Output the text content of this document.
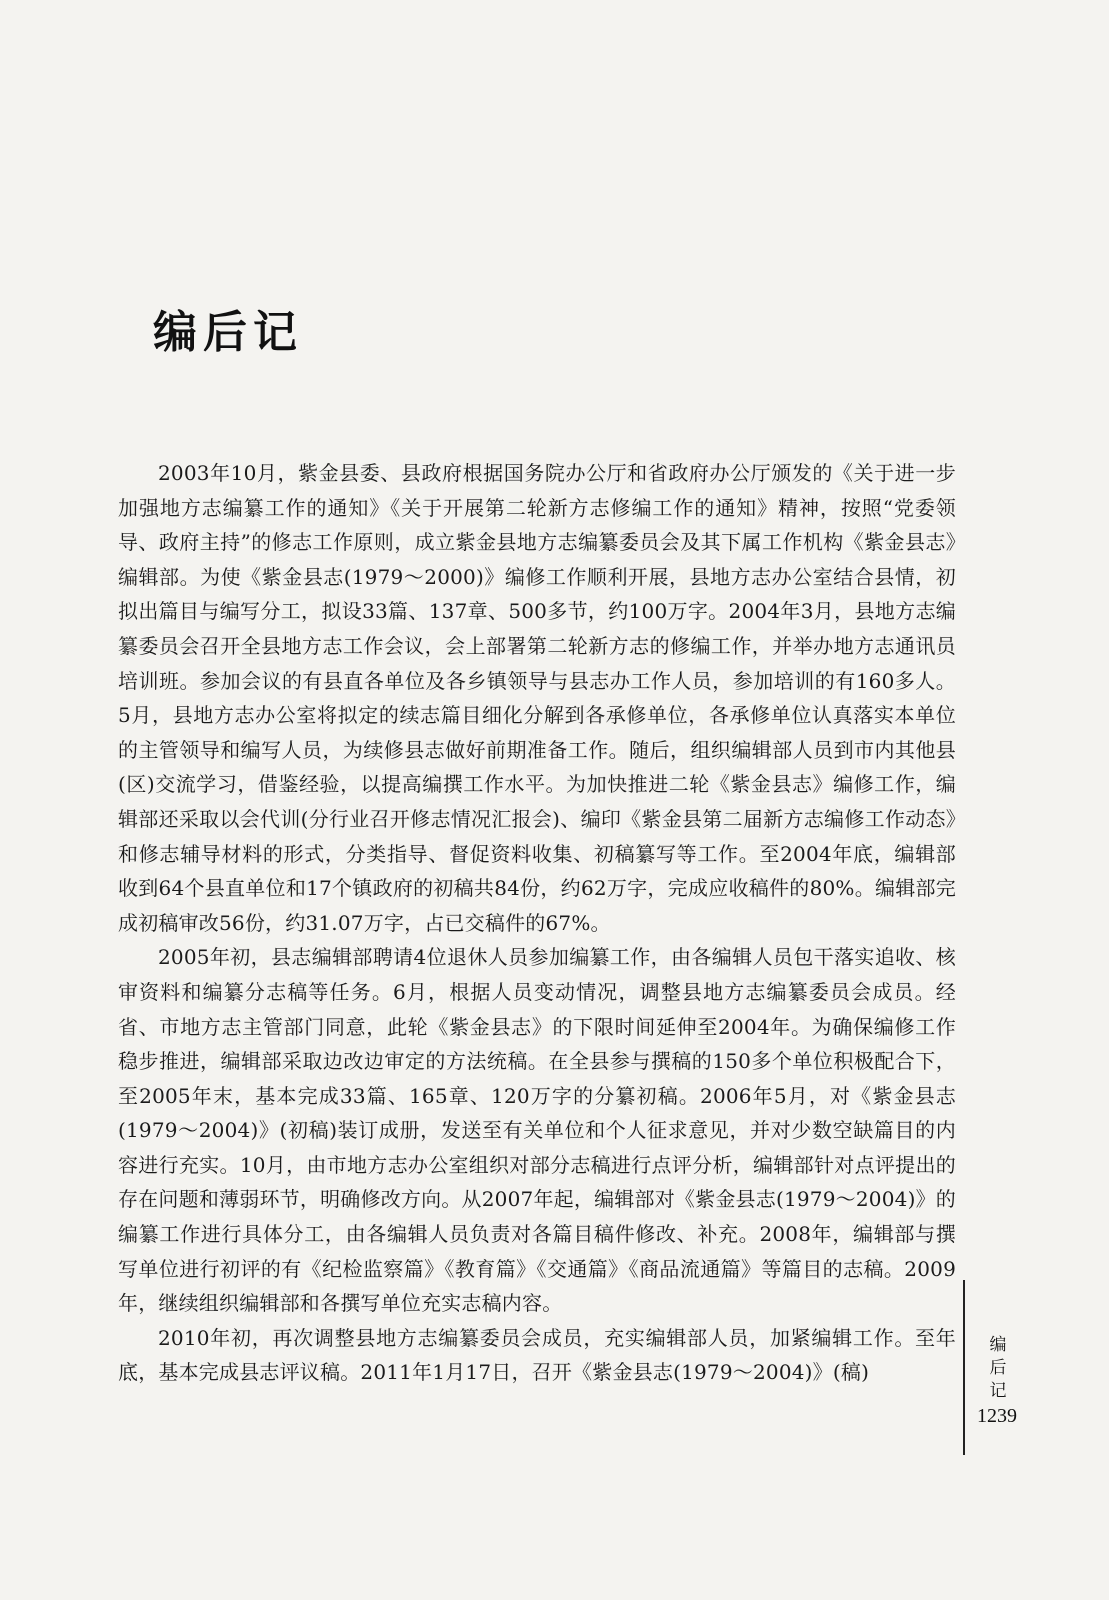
编后记

2003年10月，紫金县委、县政府根据国务院办公厅和省政府办公厅颁发的《关于进一步加强地方志编纂工作的通知》《关于开展第二轮新方志修编工作的通知》精神，按照“党委领导、政府主持”的修志工作原则，成立紫金县地方志编纂委员会及其下属工作机构《紫金县志》编辑部。为使《紫金县志(1979～2000)》编修工作顺利开展，县地方志办公室结合县情，初拟出篇目与编写分工，拟设33篇、137章、500多节，约100万字。2004年3月，县地方志编纂委员会召开全县地方志工作会议，会上部署第二轮新方志的修编工作，并举办地方志通讯员培训班。参加会议的有县直各单位及各乡镇领导与县志办工作人员，参加培训的有160多人。5月，县地方志办公室将拟定的续志篇目细化分解到各承修单位，各承修单位认真落实本单位的主管领导和编写人员，为续修县志做好前期准备工作。随后，组织编辑部人员到市内其他县(区)交流学习，借鉴经验，以提高编撰工作水平。为加快推进二轮《紫金县志》编修工作，编辑部还采取以会代训(分行业召开修志情况汇报会)、编印《紫金县第二届新方志编修工作动态》和修志辅导材料的形式，分类指导、督促资料收集、初稿纂写等工作。至2004年底，编辑部收到64个县直单位和17个镇政府的初稿共84份，约62万字，完成应收稿件的80%。编辑部完成初稿审改56份，约31.07万字，占已交稿件的67%。

2005年初，县志编辑部聘请4位退休人员参加编纂工作，由各编辑人员包干落实追收、核审资料和编纂分志稿等任务。6月，根据人员变动情况，调整县地方志编纂委员会成员。经省、市地方志主管部门同意，此轮《紫金县志》的下限时间延伸至2004年。为确保编修工作稳步推进，编辑部采取边改边审定的方法统稿。在全县参与撰稿的150多个单位积极配合下，至2005年末，基本完成33篇、165章、120万字的分纂初稿。2006年5月，对《紫金县志(1979～2004)》(初稿)装订成册，发送至有关单位和个人征求意见，并对少数空缺篇目的内容进行充实。10月，由市地方志办公室组织对部分志稿进行点评分析，编辑部针对点评提出的存在问题和薄弱环节，明确修改方向。从2007年起，编辑部对《紫金县志(1979～2004)》的编纂工作进行具体分工，由各编辑人员负责对各篇目稿件修改、补充。2008年，编辑部与撰写单位进行初评的有《纪检监察篇》《教育篇》《交通篇》《商品流通篇》等篇目的志稿。2009年，继续组织编辑部和各撰写单位充实志稿内容。

2010年初，再次调整县地方志编纂委员会成员，充实编辑部人员，加紧编辑工作。至年底，基本完成县志评议稿。2011年1月17日，召开《紫金县志(1979～2004)》(稿)

编
后
记
1239
